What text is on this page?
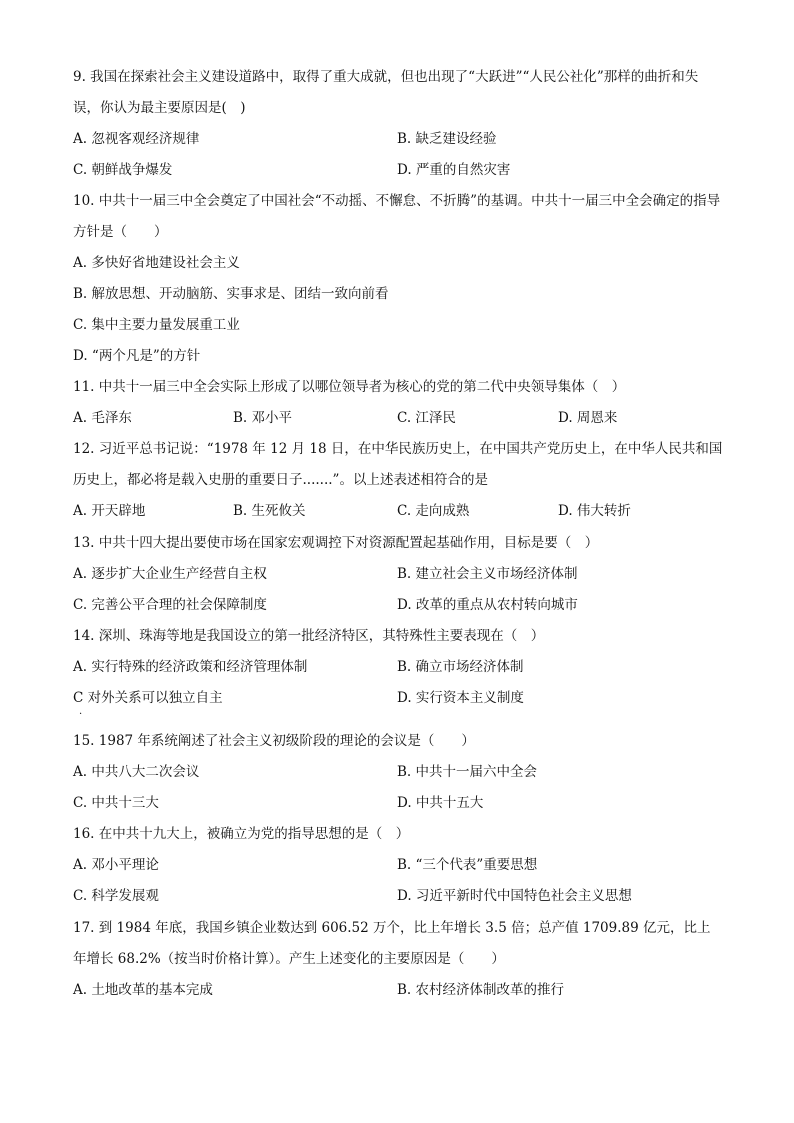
9. 我国在探索社会主义建设道路中，取得了重大成就，但也出现了“大跃进”“人民公社化”那样的曲折和失误，你认为最主要原因是(　)

A. 忽视客观经济规律	B. 缺乏建设经验
C. 朝鲜战争爆发	D. 严重的自然灾害

10. 中共十一届三中全会奠定了中国社会“不动摇、不懈怠、不折腾”的基调。中共十一届三中全会确定的指导方针是（　　）

A. 多快好省地建设社会主义
B. 解放思想、开动脑筋、实事求是、团结一致向前看
C. 集中主要力量发展重工业
D. “两个凡是”的方针

11. 中共十一届三中全会实际上形成了以哪位领导者为核心的党的第二代中央领导集体（　）

A. 毛泽东	B. 邓小平	C. 江泽民	D. 周恩来

12. 习近平总书记说：“1978 年 12 月 18 日，在中华民族历史上，在中国共产党历史上，在中华人民共和国历史上，都必将是载入史册的重要日子.......”。以上述表述相符合的是

A. 开天辟地	B. 生死攸关	C. 走向成熟	D. 伟大转折

13. 中共十四大提出要使市场在国家宏观调控下对资源配置起基础作用，目标是要（　）

A. 逐步扩大企业生产经营自主权	B. 建立社会主义市场经济体制
C. 完善公平合理的社会保障制度	D. 改革的重点从农村转向城市

14. 深圳、珠海等地是我国设立的第一批经济特区，其特殊性主要表现在（　）

A. 实行特殊的经济政策和经济管理体制	B. 确立市场经济体制
C 对外关系可以独立自主	D. 实行资本主义制度
.

15. 1987 年系统阐述了社会主义初级阶段的理论的会议是（　　）

A. 中共八大二次会议	B. 中共十一届六中全会
C. 中共十三大	D. 中共十五大

16. 在中共十九大上，被确立为党的指导思想的是（　）

A. 邓小平理论	B. “三个代表”重要思想
C. 科学发展观	D. 习近平新时代中国特色社会主义思想

17. 到 1984 年底，我国乡镇企业数达到 606.52 万个，比上年增长 3.5 倍；总产值 1709.89 亿元，比上年增长 68.2%（按当时价格计算）。产生上述变化的主要原因是（　　）

A. 土地改革的基本完成	B. 农村经济体制改革的推行
